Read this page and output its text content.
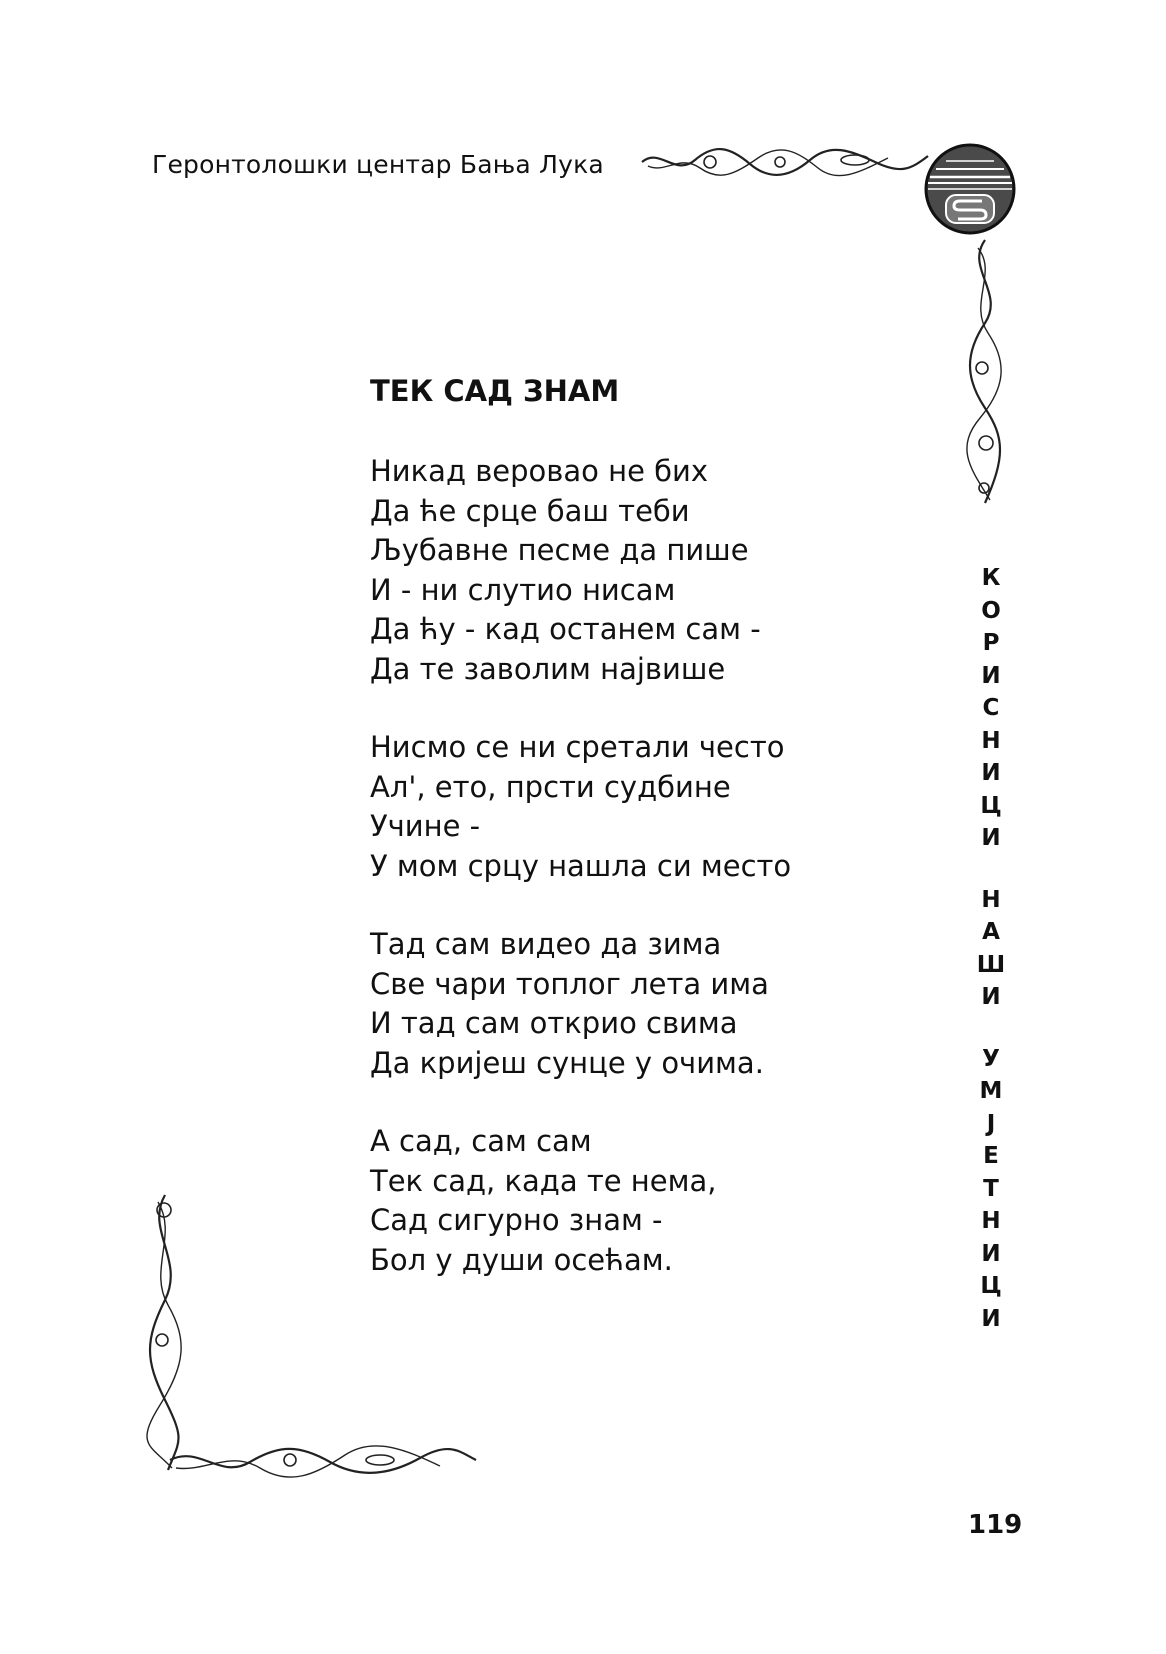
Геронтолошки центар Бања Лука
ТЕК САД ЗНАМ
Никад веровао не бих
Да ће срце баш теби
Љубавне песме да пише
И - ни слутио нисам
Да ћу - кад останем сам -
Да те заволим највише
Нисмо се ни сретали често
Ал', ето, прсти судбине
Учине -
У мом срцу нашла си место
Тад сам видео да зима
Све чари топлог лета има
И тад сам открио свима
Да кријеш сунце у очима.
А сад, сам сам
Тек сад, када те нема,
Сад сигурно знам -
Бол у души осећам.
К
О
Р
И
С
Н
И
Ц
И
Н
А
Ш
И
У
М
Ј
Е
Т
Н
И
Ц
И
119
